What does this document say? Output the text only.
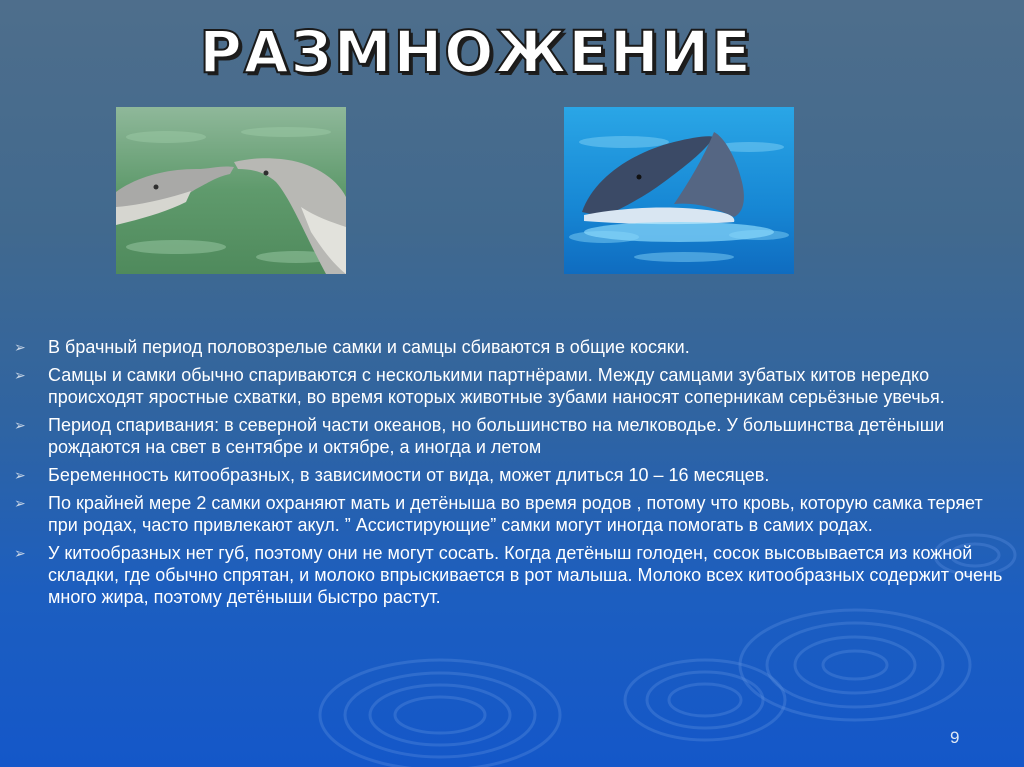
РАЗМНОЖЕНИЕ
➢ В брачный период половозрелые самки и самцы сбиваются в общие косяки.
➢ Самцы и самки обычно спариваются с несколькими партнёрами. Между самцами зубатых китов нередко происходят яростные схватки, во время которых животные зубами наносят соперникам серьёзные увечья.
➢ Период спаривания: в северной части океанов, но большинство на мелководье. У большинства детёныши рождаются на свет в сентябре и октябре, а иногда и летом
➢ Беременность китообразных, в зависимости от вида, может длиться 10 – 16 месяцев.
➢ По крайней мере 2 самки охраняют мать и детёныша во время родов , потому что кровь, которую самка теряет при родах, часто привлекают акул. ” Ассистирующие” самки могут иногда помогать в самих родах.
➢ У китообразных нет губ, поэтому они не могут сосать. Когда детёныш голоден, сосок высовывается из кожной складки, где обычно спрятан, и молоко впрыскивается в рот малыша. Молоко всех китообразных содержит очень много жира, поэтому детёныши быстро растут.
9
